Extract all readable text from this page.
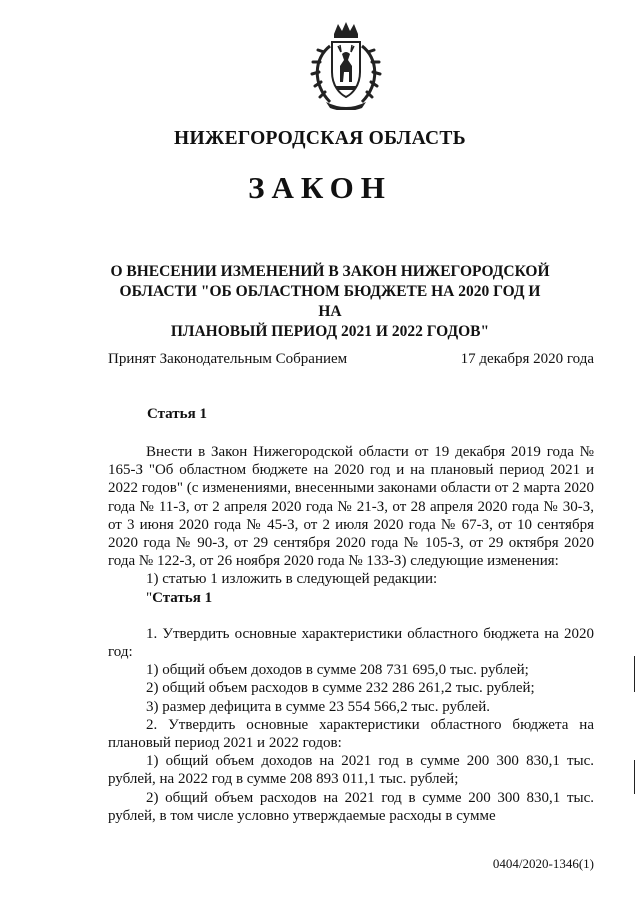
НИЖЕГОРОДСКАЯ ОБЛАСТЬ
ЗАКОН
О ВНЕСЕНИИ ИЗМЕНЕНИЙ В ЗАКОН НИЖЕГОРОДСКОЙ
ОБЛАСТИ "ОБ ОБЛАСТНОМ БЮДЖЕТЕ НА 2020 ГОД И НА
ПЛАНОВЫЙ ПЕРИОД 2021 И 2022 ГОДОВ"
Принят Законодательным Собранием	17 декабря 2020 года
Статья 1

Внести в Закон Нижегородской области от 19 декабря 2019 года № 165-З "Об областном бюджете на 2020 год и на плановый период 2021 и 2022 годов" (с изменениями, внесенными законами области от 2 марта 2020 года № 11-З, от 2 апреля 2020 года № 21-З, от 28 апреля 2020 года № 30-З, от 3 июня 2020 года № 45-З, от 2 июля 2020 года № 67-З, от 10 сентября 2020 года № 90-З, от 29 сентября 2020 года № 105-З, от 29 октября 2020 года № 122-З, от 26 ноября 2020 года № 133-З) следующие изменения:

1) статью 1 изложить в следующей редакции:

"Статья 1

1. Утвердить основные характеристики областного бюджета на 2020 год:

1) общий объем доходов в сумме 208 731 695,0 тыс. рублей;

2) общий объем расходов в сумме 232 286 261,2 тыс. рублей;

3) размер дефицита в сумме 23 554 566,2 тыс. рублей.

2. Утвердить основные характеристики областного бюджета на плановый период 2021 и 2022 годов:

1) общий объем доходов на 2021 год в сумме 200 300 830,1 тыс. рублей, на 2022 год в сумме 208 893 011,1 тыс. рублей;

2) общий объем расходов на 2021 год в сумме 200 300 830,1 тыс. рублей, в том числе условно утверждаемые расходы в сумме

0404/2020-1346(1)
